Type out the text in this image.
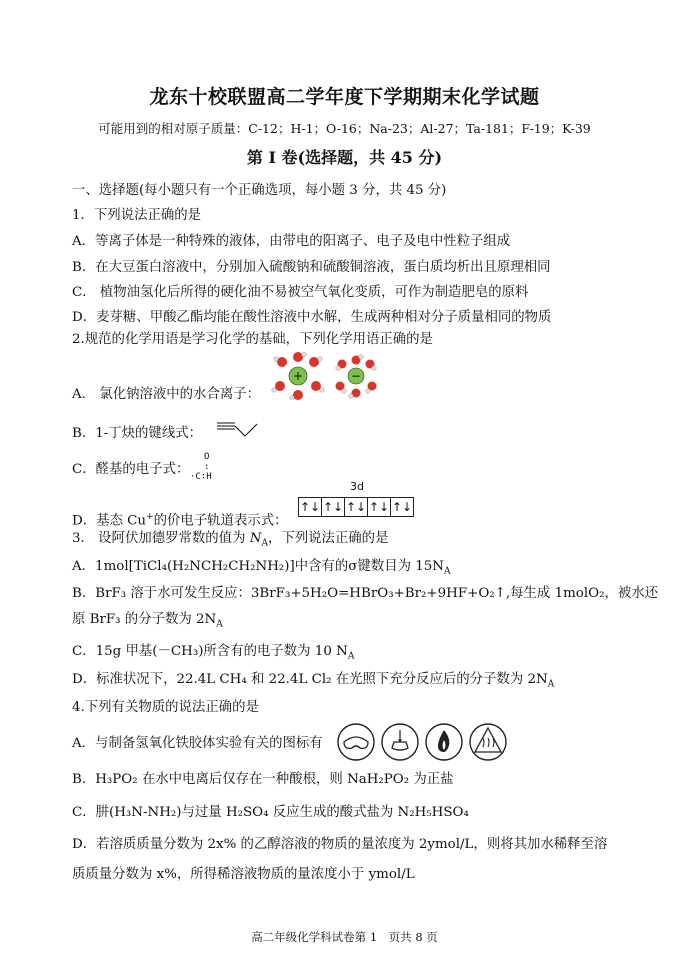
龙东十校联盟高二学年度下学期期末化学试题
可能用到的相对原子质量：C-12；H-1；O-16；Na-23；Al-27；Ta-181；F-19；K-39
第 I 卷(选择题，共 45 分)
一、选择题(每小题只有一个正确选项，每小题 3 分，共 45 分)
1．下列说法正确的是
A．等离子体是一种特殊的液体，由带电的阳离子、电子及电中性粒子组成
B．在大豆蛋白溶液中，分别加入硫酸钠和硫酸铜溶液，蛋白质均析出且原理相同
C． 植物油氢化后所得的硬化油不易被空气氧化变质，可作为制造肥皂的原料
D．麦芽糖、甲酸乙酯均能在酸性溶液中水解，生成两种相对分子质量相同的物质
2.规范的化学用语是学习化学的基础，下列化学用语正确的是
+	−
A． 氯化钠溶液中的水合离子：
B．1-丁炔的键线式：
C．醛基的电子式：
O
:
·C∶H
D．基态 Cu+的价电子轨道表示式：
3d
↑↓ ↑↓ ↑↓ ↑↓ ↑↓
3． 设阿伏加德罗常数的值为 $N_A$，下列说法正确的是
A．1mol[TiCl₄(H₂NCH₂CH₂NH₂)]中含有的σ键数目为 $15N_A$
B．BrF₃ 溶于水可发生反应：3BrF₃+5H₂O=HBrO₃+Br₂+9HF+O₂↑,每生成 1molO₂，被水还
原 BrF₃ 的分子数为 $2N_A$
C．15g 甲基(－CH₃)所含有的电子数为 10 $N_A$
D．标准状况下，22.4L CH₄ 和 22.4L Cl₂ 在光照下充分反应后的分子数为 $2N_A$
4.下列有关物质的说法正确的是
A．与制备氢氧化铁胶体实验有关的图标有
B．H₃PO₂ 在水中电离后仅存在一种酸根，则 NaH₂PO₂ 为正盐
C．肼(H₃N-NH₂)与过量 H₂SO₄ 反应生成的酸式盐为 N₂H₅HSO₄
D．若溶质质量分数为 2x% 的乙醇溶液的物质的量浓度为 2ymol/L，则将其加水稀释至溶
质质量分数为 x%，所得稀溶液物质的量浓度小于 ymol/L
高二年级化学科试卷第 1　页共 8 页
